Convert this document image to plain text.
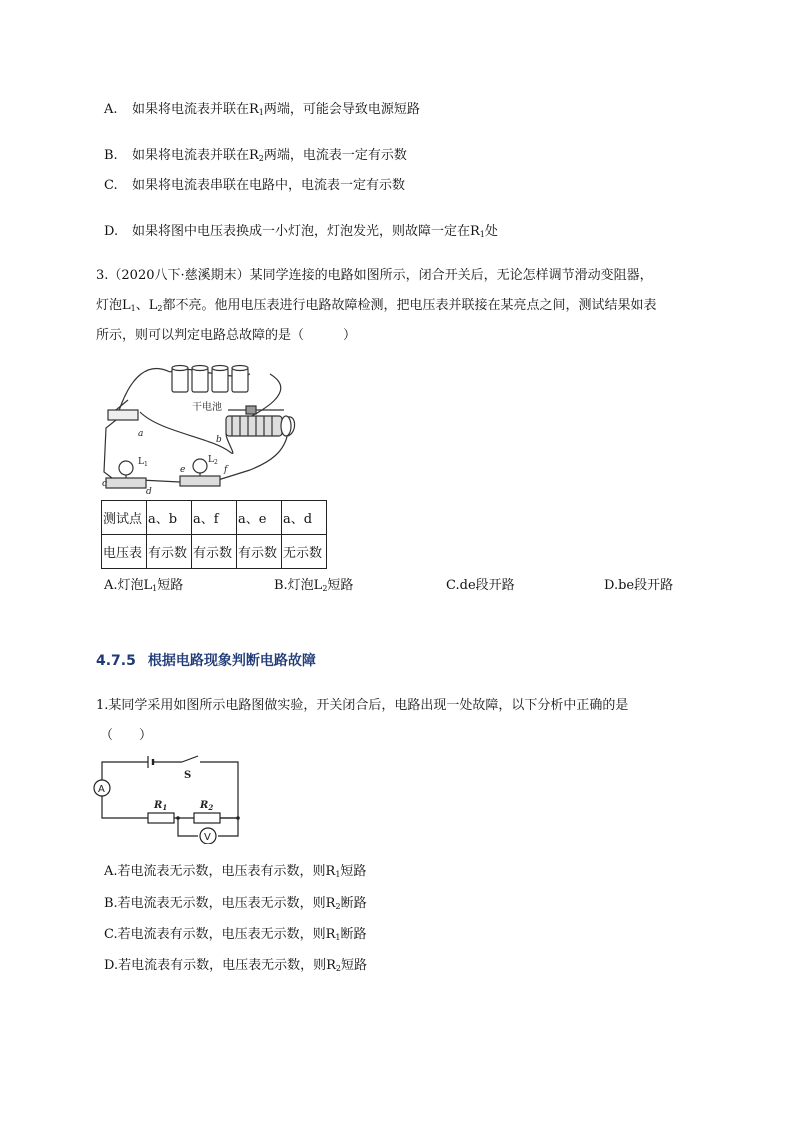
A. 如果将电流表并联在$R_1$两端，可能会导致电源短路
B. 如果将电流表并联在$R_2$两端，电流表一定有示数
C. 如果将电流表串联在电路中，电流表一定有示数
D. 如果将图中电压表换成一小灯泡，灯泡发光，则故障一定在$R_1$处
3.（2020八下·慈溪期末）某同学连接的电路如图所示，闭合开关后，无论怎样调节滑动变阻器，
灯泡$L_1$、$L_2$都不亮。他用电压表进行电路故障检测，把电压表并联接在某亮点之间，测试结果如表
所示，则可以判定电路总故障的是（　　　）
干电池
a
b
$L_1$
c
d
$L_2$
e	f
测试点	a、b	a、f	a、e	a、d
电压表	有示数	有示数	有示数	无示数
A.灯泡$L_1$短路	B.灯泡$L_2$短路	C.de段开路	D.be段开路
4.7.5 根据电路现象判断电路故障
1.某同学采用如图所示电路图做实验，开关闭合后，电路出现一处故障，以下分析中正确的是
（　　）
A
V
S
$R_1$	$R_2$
A.若电流表无示数，电压表有示数，则$R_1$短路
B.若电流表无示数，电压表无示数，则$R_2$断路
C.若电流表有示数，电压表无示数，则$R_1$断路
D.若电流表有示数，电压表无示数，则$R_2$短路
